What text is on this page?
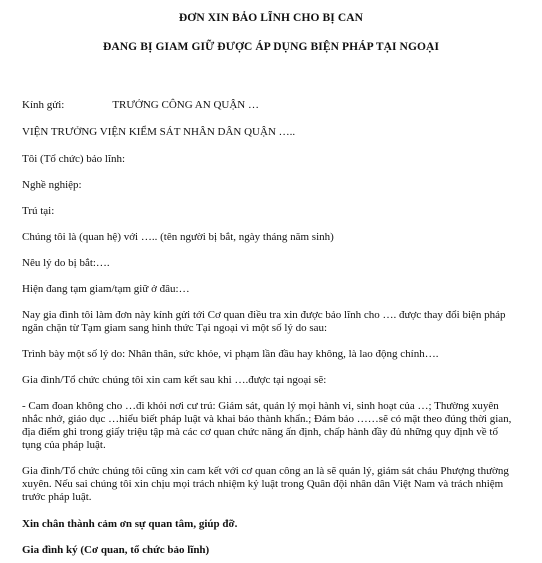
ĐƠN XIN BẢO LĨNH CHO BỊ CAN
ĐANG BỊ GIAM GIỮ ĐƯỢC ÁP DỤNG BIỆN PHÁP TẠI NGOẠI
Kính gửi:	TRƯỞNG CÔNG AN QUẬN …
VIỆN TRƯỞNG VIỆN KIỂM SÁT NHÂN DÂN QUẬN …..
Tôi (Tổ chức) bảo lĩnh:
Nghề nghiệp:
Trú tại:
Chúng tôi là (quan hệ) với ….. (tên người bị bắt, ngày tháng năm sinh)
Nêu lý do bị bắt:….
Hiện đang tạm giam/tạm giữ ở đâu:…
Nay gia đình tôi làm đơn này kính gửi tới Cơ quan điều tra xin được bảo lĩnh cho …. được thay đổi biện pháp
ngăn chặn từ Tạm giam sang hình thức Tại ngoại vì một số lý do sau:
Trình bày một số lý do: Nhân thân, sức khỏe, vi phạm lần đầu hay không, là lao động chính….
Gia đình/Tổ chức chúng tôi xin cam kết sau khi ….được tại ngoại sẽ:
- Cam đoan không cho …đi khỏi nơi cư trú: Giám sát, quản lý mọi hành vi, sinh hoạt của …; Thường xuyên
nhắc nhở, giáo dục …hiểu biết pháp luật và khai báo thành khẩn.; Đảm bảo ……sẽ có mặt theo đúng thời gian,
địa điểm ghi trong giấy triệu tập mà các cơ quan chức năng ấn định, chấp hành đầy đủ những quy định về tố
tụng của pháp luật.
Gia đình/Tổ chức chúng tôi cũng xin cam kết với cơ quan công an là sẽ quản lý, giám sát cháu Phượng thường
xuyên. Nếu sai chúng tôi xin chịu mọi trách nhiệm kỷ luật trong Quân đội nhân dân Việt Nam và trách nhiệm
trước pháp luật.
Xin chân thành cảm ơn sự quan tâm, giúp đỡ.
Gia đình ký (Cơ quan, tổ chức bảo lĩnh)
